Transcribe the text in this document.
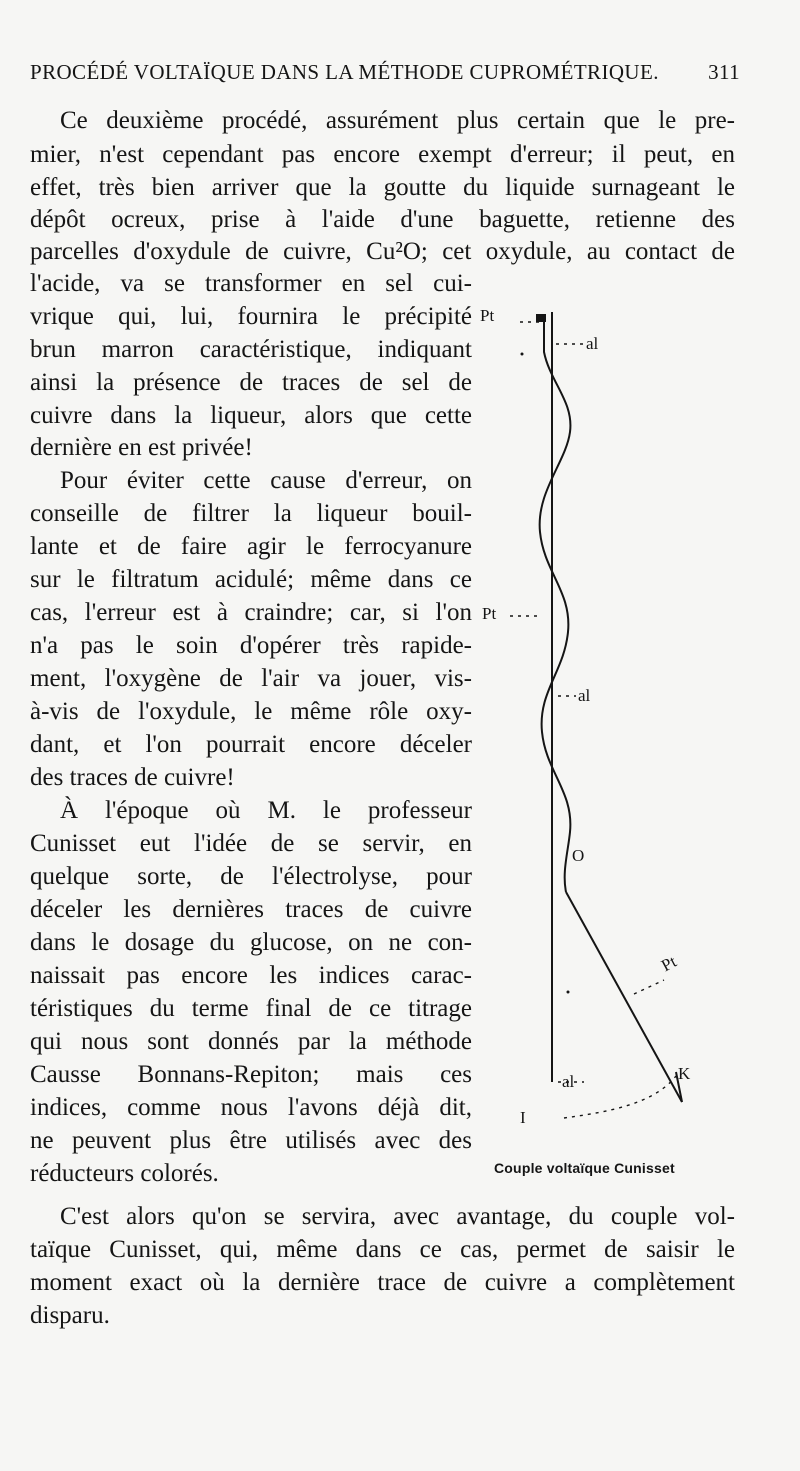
PROCÉDÉ VOLTAÏQUE DANS LA MÉTHODE CUPROMÉTRIQUE. 311
Ce deuxième procédé, assurément plus certain que le pre-
mier, n'est cependant pas encore exempt d'erreur; il peut, en
effet, très bien arriver que la goutte du liquide surnageant le
dépôt ocreux, prise à l'aide d'une baguette, retienne des
parcelles d'oxydule de cuivre, Cu²O; cet oxydule, au contact de
l'acide, va se transformer en sel cui-
vrique qui, lui, fournira le précipité
brun marron caractéristique, indiquant
ainsi la présence de traces de sel de
cuivre dans la liqueur, alors que cette
dernière en est privée!
Pour éviter cette cause d'erreur, on
conseille de filtrer la liqueur bouil-
lante et de faire agir le ferrocyanure
sur le filtratum acidulé; même dans ce
cas, l'erreur est à craindre; car, si l'on
n'a pas le soin d'opérer très rapide-
ment, l'oxygène de l'air va jouer, vis-
à-vis de l'oxydule, le même rôle oxy-
dant, et l'on pourrait encore déceler
des traces de cuivre!
À l'époque où M. le professeur
Cunisset eut l'idée de se servir, en
quelque sorte, de l'électrolyse, pour
déceler les dernières traces de cuivre
dans le dosage du glucose, on ne con-
naissait pas encore les indices carac-
téristiques du terme final de ce titrage
qui nous sont donnés par la méthode
Causse Bonnans-Repiton; mais ces
indices, comme nous l'avons déjà dit,
ne peuvent plus être utilisés avec des
réducteurs colorés.
C'est alors qu'on se servira, avec avantage, du couple vol-
taïque Cunisset, qui, même dans ce cas, permet de saisir le
moment exact où la dernière trace de cuivre a complètement
disparu.
Pt
al
Pt
al
O
Pt
K
al
I
Couple voltaïque Cunisset
